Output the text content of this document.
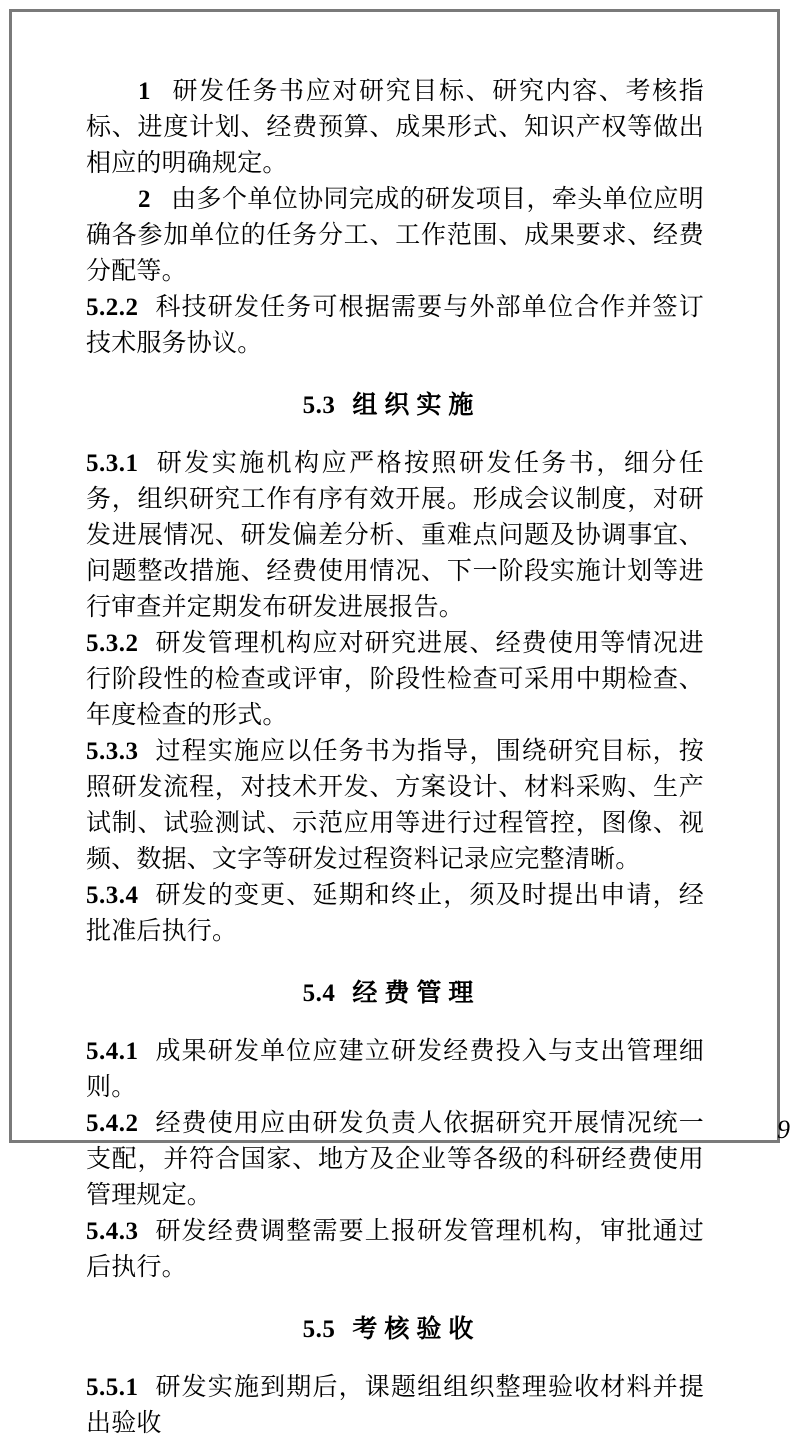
1 研发任务书应对研究目标、研究内容、考核指标、进度计划、经费预算、成果形式、知识产权等做出相应的明确规定。

2 由多个单位协同完成的研发项目，牵头单位应明确各参加单位的任务分工、工作范围、成果要求、经费分配等。

5.2.2 科技研发任务可根据需要与外部单位合作并签订技术服务协议。

5.3 组织实施

5.3.1 研发实施机构应严格按照研发任务书，细分任务，组织研究工作有序有效开展。形成会议制度，对研发进展情况、研发偏差分析、重难点问题及协调事宜、问题整改措施、经费使用情况、下一阶段实施计划等进行审查并定期发布研发进展报告。

5.3.2 研发管理机构应对研究进展、经费使用等情况进行阶段性的检查或评审，阶段性检查可采用中期检查、年度检查的形式。

5.3.3 过程实施应以任务书为指导，围绕研究目标，按照研发流程，对技术开发、方案设计、材料采购、生产试制、试验测试、示范应用等进行过程管控，图像、视频、数据、文字等研发过程资料记录应完整清晰。

5.3.4 研发的变更、延期和终止，须及时提出申请，经批准后执行。

5.4 经费管理

5.4.1 成果研发单位应建立研发经费投入与支出管理细则。

5.4.2 经费使用应由研发负责人依据研究开展情况统一支配，并符合国家、地方及企业等各级的科研经费使用管理规定。

5.4.3 研发经费调整需要上报研发管理机构，审批通过后执行。

5.5 考核验收

5.5.1 研发实施到期后，课题组组织整理验收材料并提出验收

9
